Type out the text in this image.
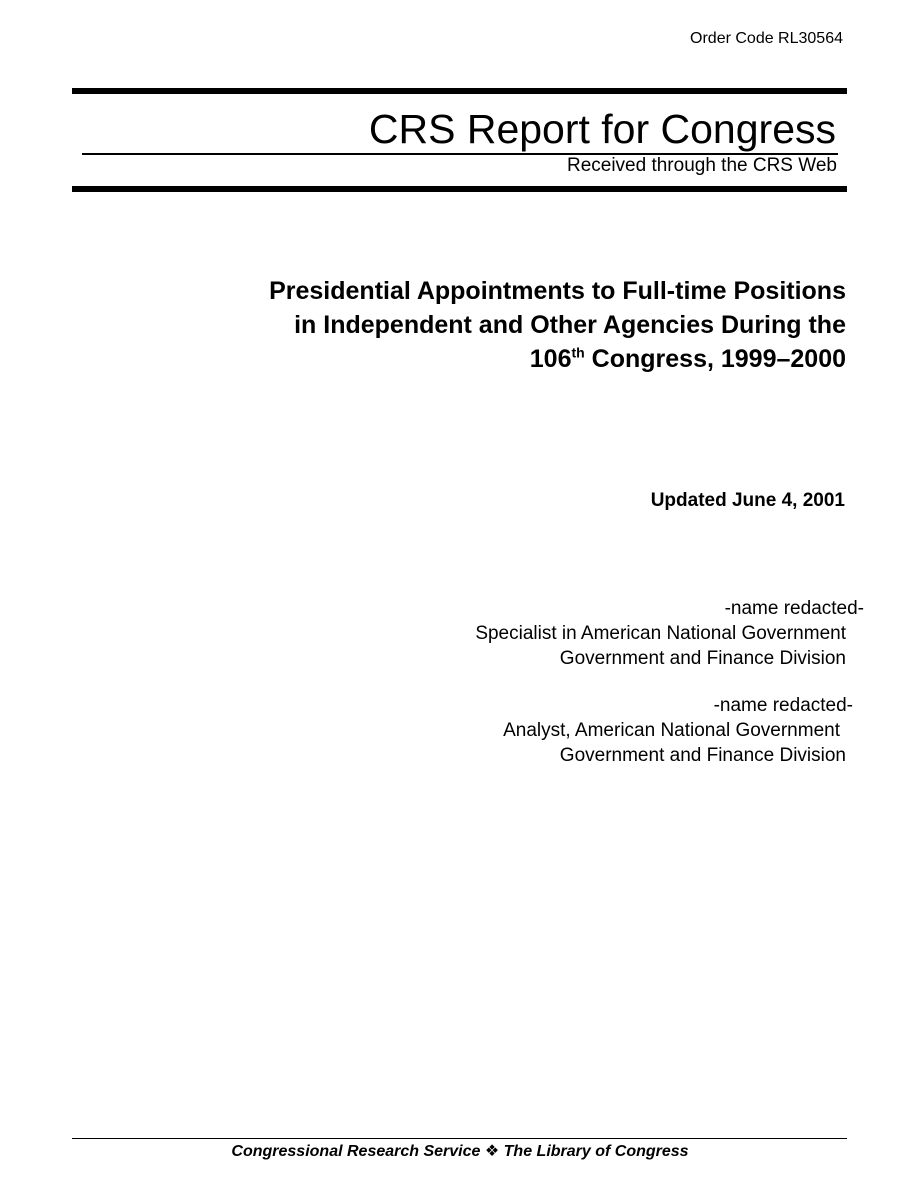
Order Code RL30564
CRS Report for Congress
Received through the CRS Web
Presidential Appointments to Full-time Positions
in Independent and Other Agencies During the
106th Congress, 1999–2000
Updated June 4, 2001
-name redacted-
Specialist in American National Government
Government and Finance Division
-name redacted-
Analyst, American National Government
Government and Finance Division
Congressional Research Service ❖ The Library of Congress
